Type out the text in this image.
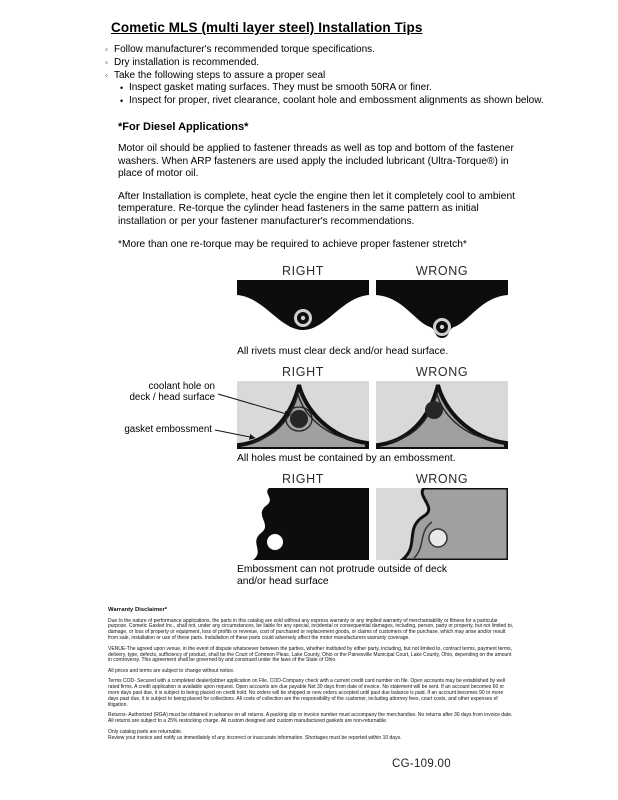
Cometic MLS (multi layer steel) Installation Tips
◦ Follow manufacturer's recommended torque specifications.
◦ Dry installation is recommended.
◦ Take the following steps to assure a proper seal
• Inspect gasket mating surfaces. They must be smooth 50RA or finer.
• Inspect for proper, rivet clearance, coolant hole and embossment alignments as shown below.
*For Diesel Applications*

Motor oil should be applied to fastener threads as well as top and bottom of the fastener washers. When ARP fasteners are used apply the included lubricant (Ultra-Torque®) in place of motor oil.

After Installation is complete, heat cycle the engine then let it completely cool to ambient temperature. Re-torque the cylinder head fasteners in the same pattern as initial installation or per your fastener manufacturer's recommendations.

*More than one re-torque may be required to achieve proper fastener stretch*

RIGHT	WRONG

All rivets must clear deck and/or head surface.

RIGHT	WRONG
coolant hole on
deck / head surface
gasket embossment

All holes must be contained by an embossment.

RIGHT	WRONG

Embossment can not protrude outside of deck and/or head surface

Warranty Disclaimer*

Due to the nature of performance applications, the parts in this catalog are sold without any express warranty or any implied warranty of merchantability or fitness for a particular purpose. Cometic Gasket Inc., shall not, under any circumstances, be liable for any special, incidental or consequential damages, including, person, party or property, but not limited to, damage, or loss of property or equipment, loss of profits or revenue, cost of purchased or replacement goods, or claims of customers of the purchase, which may arise and/or result from sale, installation or use of these parts. Installation of these parts could adversely affect the motor manufacturers warranty coverage.

VENUE-The agreed upon venue, in the event of dispute whatsoever between the parties, whether instituted by either party, including, but not limited to, contract terms, payment terms, delivery, type, defects, sufficiency of product, shall be the Court of Common Pleas, Lake County, Ohio or the Painesville Municipal Court, Lake County, Ohio, depending on the amount in controversy. This agreement shall be governed by and construed under the laws of the State of Ohio.

All prices and terms are subject to change without notice.

Terms COD- Secured with a completed dealer/jobber application on File, COD-Company check with a current credit card number on file. Open accounts may be established by well rated firms. A credit application is available upon request. Open accounts are due payable Net 30 days from date of invoice. No statement will be sent. If an account becomes 60 or more days past due, it is subject to being placed on credit hold. No orders will be shipped or new orders accepted until past due balance is paid. If an account becomes 90 or more days past due, it is subject to being placed for collections. All costs of collection are the responsibility of the customer, including attorney fees, court costs, and other expenses of litigation.

Returns- Authorized (RGA) must be obtained in advance on all returns. A packing slip or invoice number must accompany the merchandise. No returns after 30 days from invoice date. All returns are subject to a 25% restocking charge. All custom designed and custom manufactured gaskets are non-returnable.

Only catalog parts are returnable.

Review your invoice and notify us immediately of any incorrect or inaccurate information. Shortages must be reported within 10 days.

CG-109.00
